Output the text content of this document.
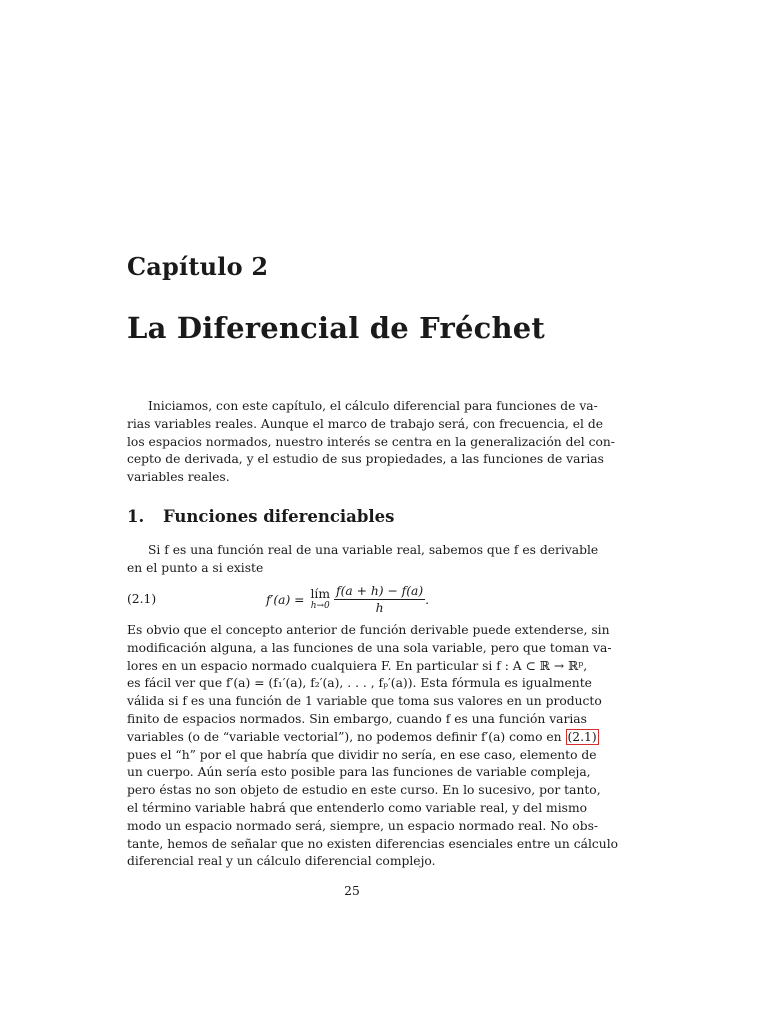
Capítulo 2
La Diferencial de Fréchet
Iniciamos, con este capítulo, el cálculo diferencial para funciones de va-
rias variables reales. Aunque el marco de trabajo será, con frecuencia, el de
los espacios normados, nuestro interés se centra en la generalización del con-
cepto de derivada, y el estudio de sus propiedades, a las funciones de varias
variables reales.
1. Funciones diferenciables
Si f es una función real de una variable real, sabemos que f es derivable
en el punto a si existe
(2.1)	f′(a) = lím
$h\to 0 \frac{f(a + h) - f(a)}{h}$ .
Es obvio que el concepto anterior de función derivable puede extenderse, sin
modificación alguna, a las funciones de una sola variable, pero que toman va-
lores en un espacio normado cualquiera F. En particular si f : A ⊂ ℝ → ℝᵖ,
es fácil ver que f′(a) = (f₁′(a), f₂′(a), . . . , fₚ′(a)). Esta fórmula es igualmente
válida si f es una función de 1 variable que toma sus valores en un producto
finito de espacios normados. Sin embargo, cuando f es una función varias
variables (o de “variable vectorial”), no podemos definir f′(a) como en (2.1)
pues el “h” por el que habría que dividir no sería, en ese caso, elemento de
un cuerpo. Aún sería esto posible para las funciones de variable compleja,
pero éstas no son objeto de estudio en este curso. En lo sucesivo, por tanto,
el término variable habrá que entenderlo como variable real, y del mismo
modo un espacio normado será, siempre, un espacio normado real. No obs-
tante, hemos de señalar que no existen diferencias esenciales entre un cálculo
diferencial real y un cálculo diferencial complejo.
25
